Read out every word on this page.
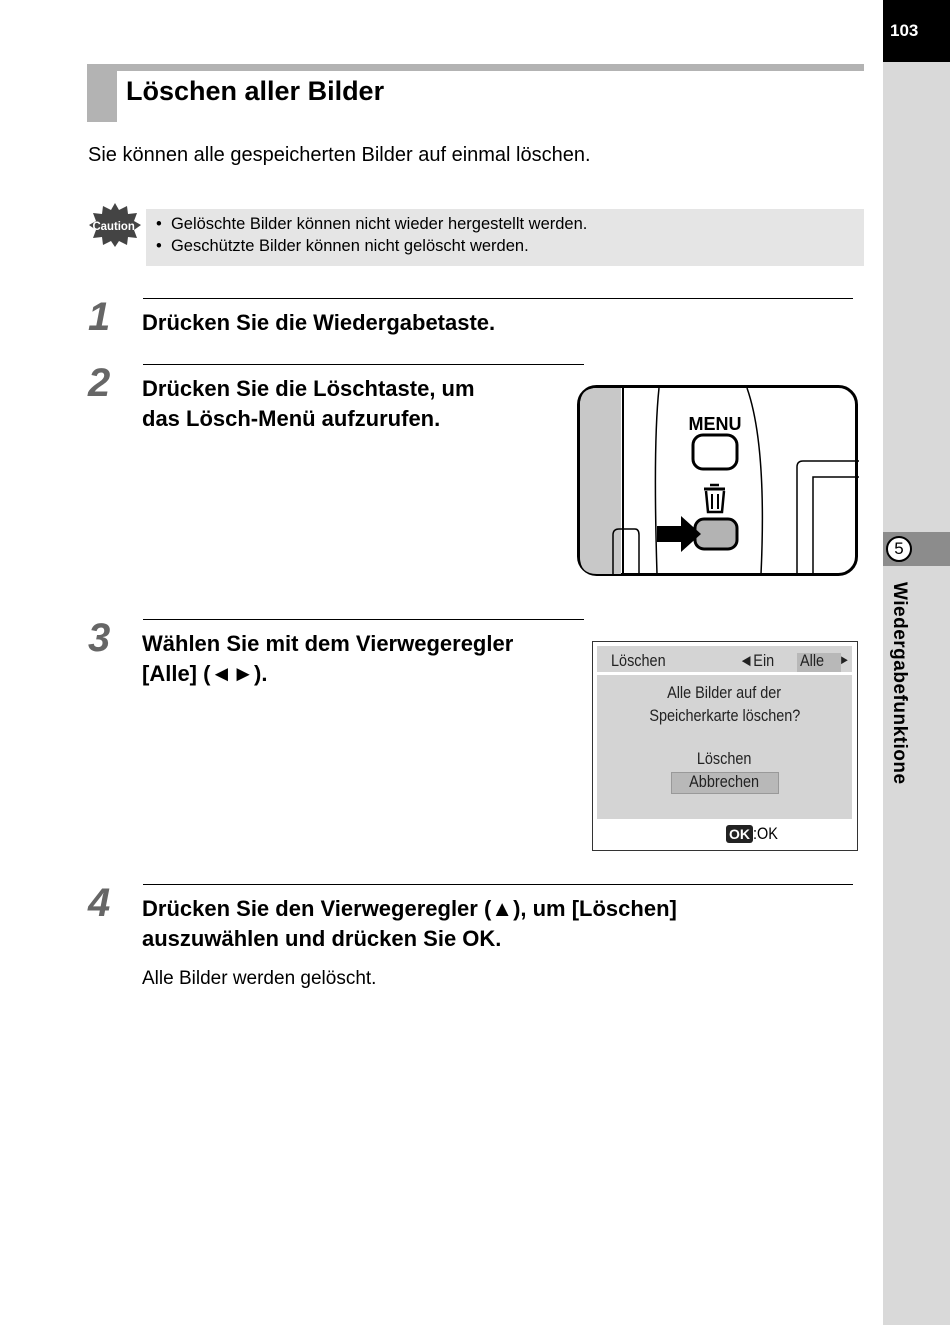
103
5
Wiedergabefunktione
Löschen aller Bilder
Sie können alle gespeicherten Bilder auf einmal löschen.
Caution •  Gelöschte Bilder können nicht wieder hergestellt werden.
•  Geschützte Bilder können nicht gelöscht werden.
1 Drücken Sie die Wiedergabetaste.
2 Drücken Sie die Löschtaste, um
das Lösch-Menü aufzurufen.	MENU
3 Wählen Sie mit dem Vierwegeregler
[Alle] (◄►).
Löschen	◄Ein Alle ►
Alle Bilder auf der
Speicherkarte löschen?
Löschen
Abbrechen
OK :OK
4 Drücken Sie den Vierwegeregler (▲), um [Löschen]
auszuwählen und drücken Sie OK.
Alle Bilder werden gelöscht.
